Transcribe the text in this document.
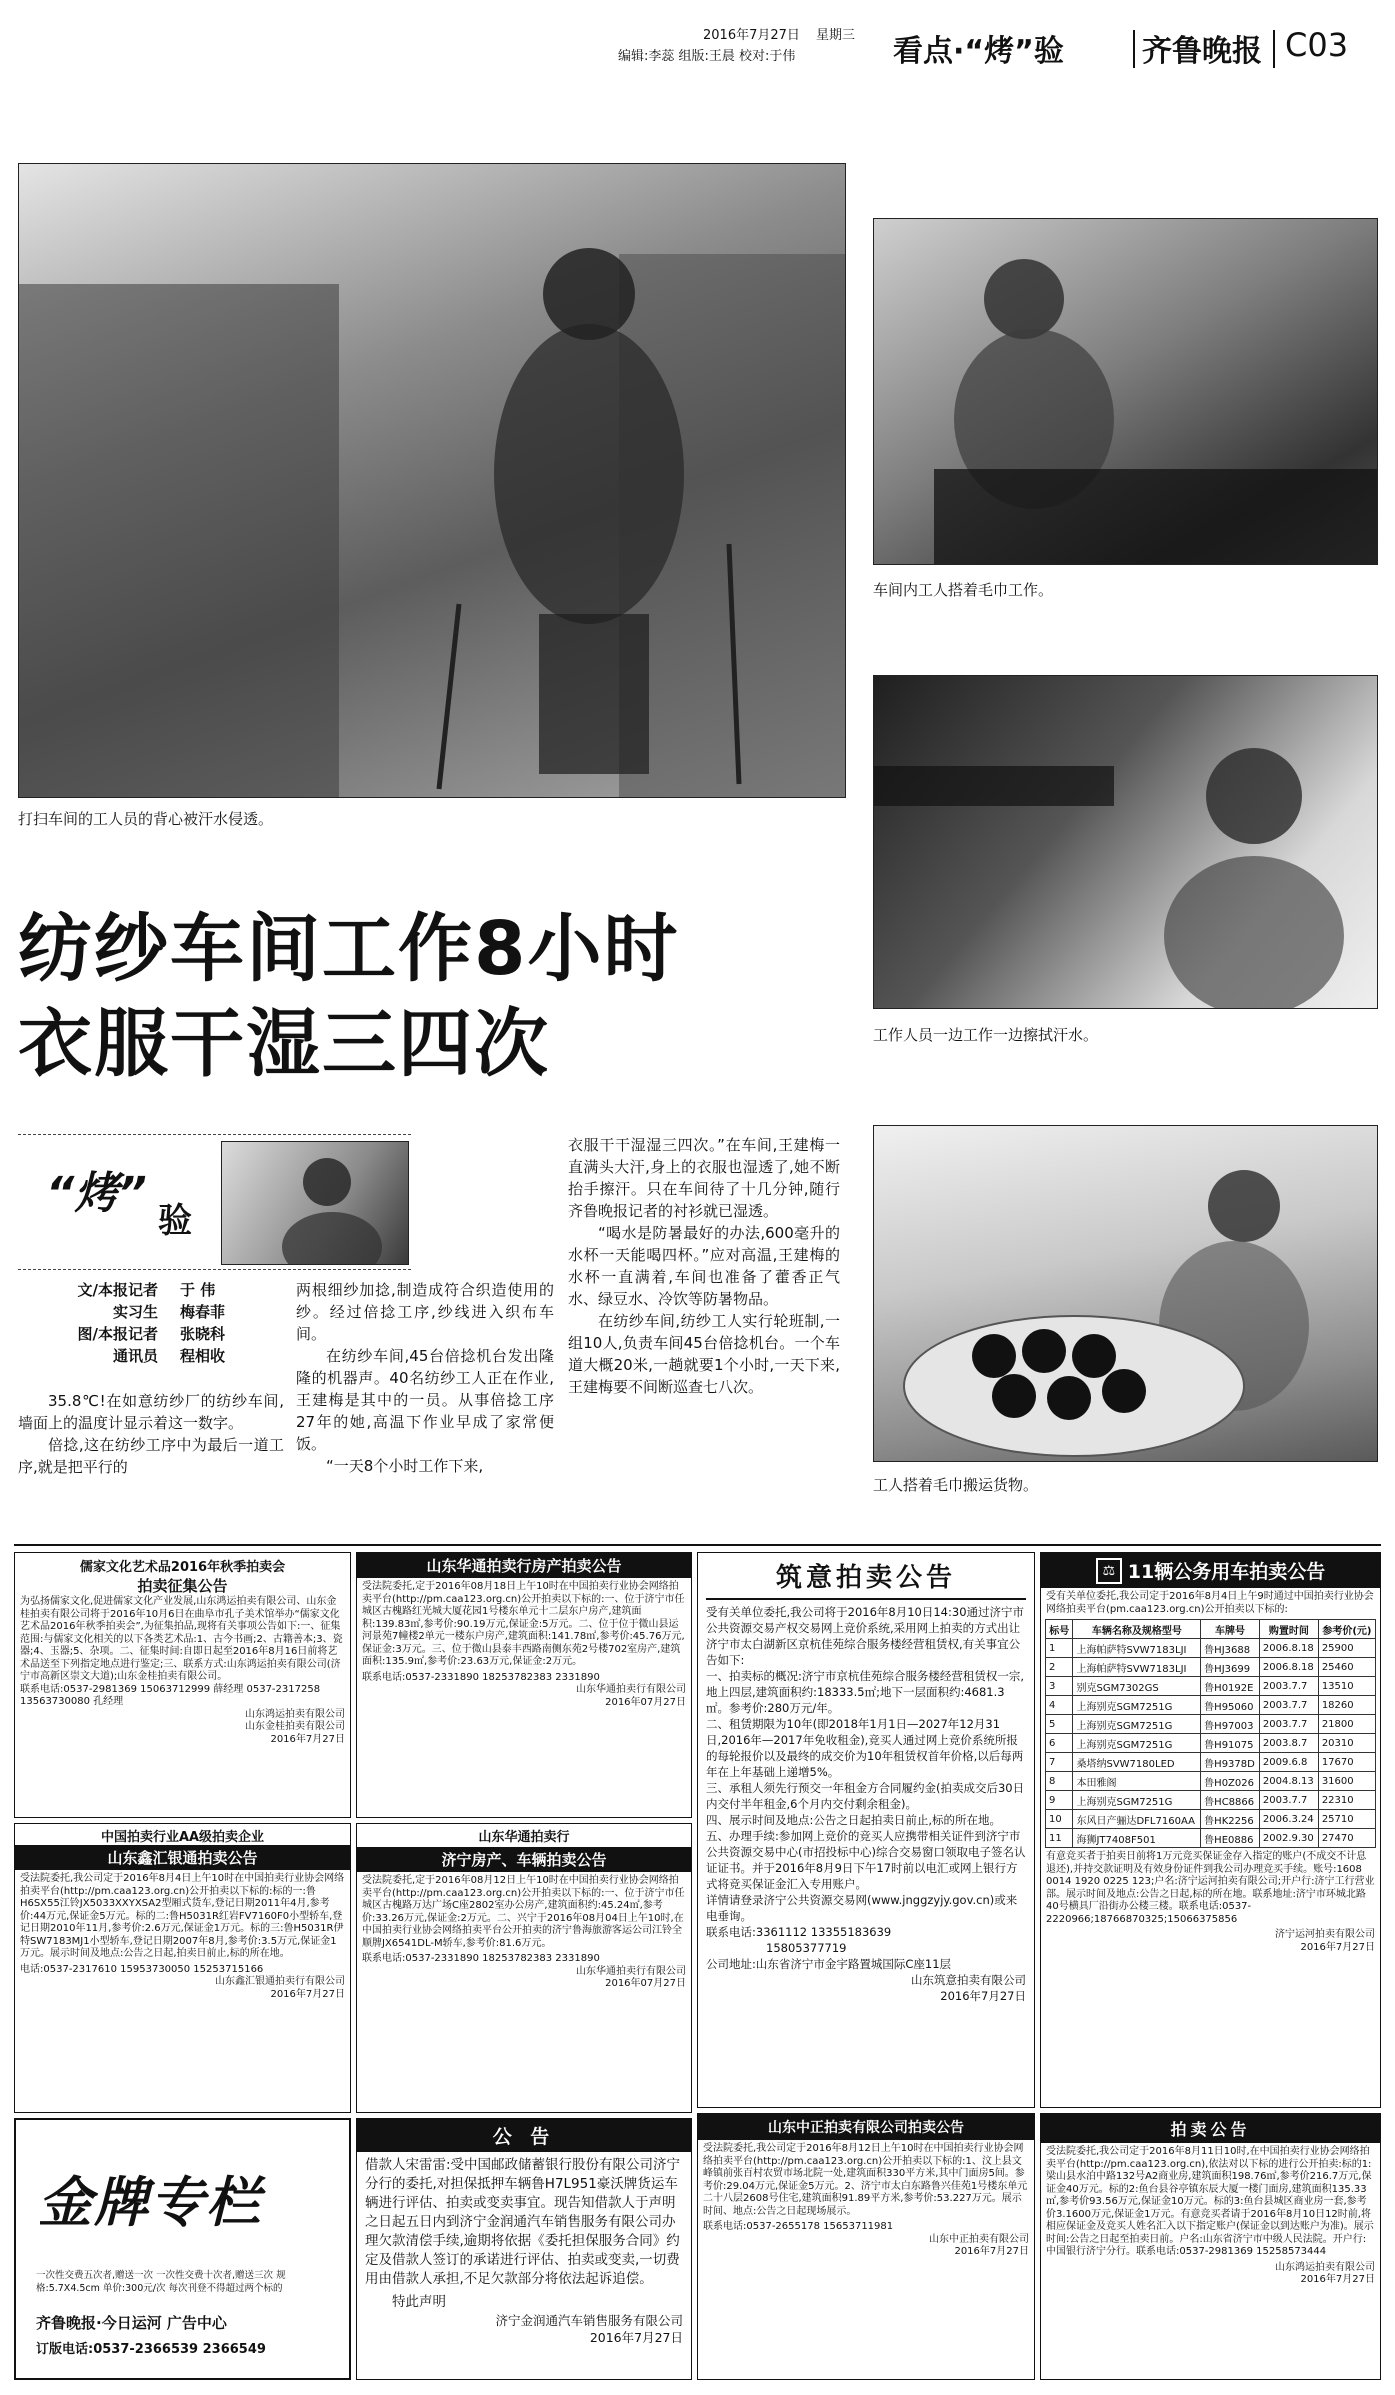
2016年7月27日 星期三
编辑:李蕊 组版:王晨 校对:于伟	看点·“烤”验	齐鲁晚报 C03
打扫车间的工人员的背心被汗水侵透。
车间内工人搭着毛巾工作。
工作人员一边工作一边擦拭汗水。
工人搭着毛巾搬运货物。
纺纱车间工作8小时
衣服干湿三四次
“烤”
验
文/本报记者 于 伟
实习生 梅春菲
图/本报记者 张晓科
通讯员 程相收

35.8℃!在如意纺纱厂的纺纱车间,墙面上的温度计显示着这一数字。

倍捻,这在纺纱工序中为最后一道工序,就是把平行的

两根细纱加捻,制造成符合织造使用的纱。经过倍捻工序,纱线进入织布车间。

在纺纱车间,45台倍捻机台发出隆隆的机器声。40名纺纱工人正在作业,王建梅是其中的一员。从事倍捻工序27年的她,高温下作业早成了家常便饭。

“一天8个小时工作下来,

衣服干干湿湿三四次。”在车间,王建梅一直满头大汗,身上的衣服也湿透了,她不断抬手擦汗。只在车间待了十几分钟,随行齐鲁晚报记者的衬衫就已湿透。

“喝水是防暑最好的办法,600毫升的水杯一天能喝四杯。”应对高温,王建梅的水杯一直满着,车间也准备了藿香正气水、绿豆水、冷饮等防暑物品。

在纺纱车间,纺纱工人实行轮班制,一组10人,负责车间45台倍捻机台。一个车道大概20米,一趟就要1个小时,一天下来,王建梅要不间断巡查七八次。

儒家文化艺术品2016年秋季拍卖会
拍卖征集公告
为弘扬儒家文化,促进儒家文化产业发展,山东鸿运拍卖有限公司、山东金桂拍卖有限公司将于2016年10月6日在曲阜市孔子美术馆举办“儒家文化艺术品2016年秋季拍卖会”,为征集拍品,现将有关事项公告如下:一、征集范围:与儒家文化相关的以下各类艺术品:1、古今书画;2、古籍善本;3、瓷器;4、玉器;5、杂项。二、征集时间:自即日起至2016年8月16日前将艺术品送至下列指定地点进行鉴定;三、联系方式:山东鸿运拍卖有限公司(济宁市高新区崇文大道);山东金桂拍卖有限公司。
联系电话:0537-2981369 15063712999 薛经理 0537-2317258 13563730080 孔经理
山东鸿运拍卖有限公司
山东金桂拍卖有限公司
2016年7月27日
山东华通拍卖行房产拍卖公告
受法院委托,定于2016年08月18日上午10时在中国拍卖行业协会网络拍卖平台(http://pm.caa123.org.cn)公开拍卖以下标的:一、位于济宁市任城区古槐路红光城大厦花园1号楼东单元十二层东户房产,建筑面积:139.83㎡,参考价:90.19万元,保证金:5万元。二、位于位于微山县运河景苑7幢楼2单元一楼东户房产,建筑面积:141.78㎡,参考价:45.76万元,保证金:3万元。三、位于微山县泰丰西路南侧东苑2号楼702室房产,建筑面积:135.9㎡,参考价:23.63万元,保证金:2万元。
联系电话:0537-2331890 18253782383 2331890
山东华通拍卖行有限公司
2016年07月27日
筑意拍卖公告
受有关单位委托,我公司将于2016年8月10日14:30通过济宁市公共资源交易产权交易网上竞价系统,采用网上拍卖的方式出让济宁市太白湖新区京杭佳苑综合服务楼经营租赁权,有关事宜公告如下:
一、拍卖标的概况:济宁市京杭佳苑综合服务楼经营租赁权一宗,地上四层,建筑面积约:18333.5㎡;地下一层面积约:4681.3㎡。参考价:280万元/年。
二、租赁期限为10年(即2018年1月1日—2027年12月31日,2016年—2017年免收租金),竞买人通过网上竞价系统所报的每轮报价以及最终的成交价为10年租赁权首年价格,以后每两年在上年基础上递增5%。
三、承租人须先行预交一年租金方合同履约金(拍卖成交后30日内交付半年租金,6个月内交付剩余租金)。
四、展示时间及地点:公告之日起拍卖日前止,标的所在地。
五、办理手续:参加网上竞价的竞买人应携带相关证件到济宁市公共资源交易中心(市招投标中心)综合交易窗口领取电子签名认证证书。并于2016年8月9日下午17时前以电汇或网上银行方式将竞买保证金汇入专用账户。
详情请登录济宁公共资源交易网(www.jnggzyjy.gov.cn)或来电垂询。
联系电话:3361112 13355183639
15805377719
公司地址:山东省济宁市金宇路置城国际C座11层
山东筑意拍卖有限公司
2016年7月27日
⚖ 11辆公务用车拍卖公告
受有关单位委托,我公司定于2016年8月4日上午9时通过中国拍卖行业协会网络拍卖平台(pm.caa123.org.cn)公开拍卖以下标的:
标号	车辆名称及规格型号	车牌号	购置时间	参考价(元)
1	上海帕萨特SVW7183LJI	鲁HJ3688	2006.8.18	25900
2	上海帕萨特SVW7183LJI	鲁HJ3699	2006.8.18	25460
3	别克SGM7302GS	鲁H0192E	2003.7.7	13510
4	上海别克SGM7251G	鲁H95060	2003.7.7	18260
5	上海别克SGM7251G	鲁H97003	2003.7.7	21800
6	上海别克SGM7251G	鲁H91075	2003.8.7	20310
7	桑塔纳SVW7180LED	鲁H9378D	2009.6.8	17670
8	本田雅阁	鲁H0Z026	2004.8.13	31600
9	上海别克SGM7251G	鲁HC8866	2003.7.7	22310
10	东风日产骊达DFL7160AA	鲁HK2256	2006.3.24	25710
11	海狮JT7408F501	鲁HE0886	2002.9.30	27470
有意竞买者于拍卖日前将1万元竞买保证金存入指定的账户(不成交不计息退还),并持交款证明及有效身份证件到我公司办理竞买手续。账号:1608 0014 1920 0225 123;户名:济宁运河拍卖有限公司;开户行:济宁工行营业部。展示时间及地点:公告之日起,标的所在地。联系地址:济宁市环城北路40号横具厂沿街办公楼三楼。联系电话:0537-2220966;18766870325;15066375856
济宁运河拍卖有限公司
2016年7月27日
中国拍卖行业AA级拍卖企业
山东鑫汇银通拍卖公告
受法院委托,我公司定于2016年8月4日上午10时在中国拍卖行业协会网络拍卖平台(http://pm.caa123.org.cn)公开拍卖以下标的:标的一:鲁H6SX55江铃JX5033XXYXSA2型厢式货车,登记日期2011年4月,参考价:44万元,保证金5万元。标的二:鲁H5031R红岩FV7160F0小型轿车,登记日期2010年11月,参考价:2.6万元,保证金1万元。标的三:鲁H5031R伊特SW7183MJ1小型轿车,登记日期2007年8月,参考价:3.5万元,保证金1万元。展示时间及地点:公告之日起,拍卖日前止,标的所在地。
电话:0537-2317610 15953730050 15253715166
山东鑫汇银通拍卖行有限公司
2016年7月27日
山东华通拍卖行
济宁房产、车辆拍卖公告
受法院委托,定于2016年08月12日上午10时在中国拍卖行业协会网络拍卖平台(http://pm.caa123.org.cn)公开拍卖以下标的:一、位于济宁市任城区古槐路万达广场C座2802室办公房产,建筑面积约:45.24㎡,参考价:33.26万元,保证金:2万元。二、兴宁于2016年08月04日上午10时,在中国拍卖行业协会网络拍卖平台公开拍卖的济宁鲁海旅游客运公司江铃全顺牌JX6541DL-M轿车,参考价:81.6万元。
联系电话:0537-2331890 18253782383 2331890
山东华通拍卖行有限公司
2016年07月27日
金牌专栏
一次性交费五次者,赠送一次 一次性交费十次者,赠送三次 规格:5.7X4.5cm 单价:300元/次 每次刊登不得超过两个标的
齐鲁晚报·今日运河 广告中心
订版电话:0537-2366539 2366549
公 告
借款人宋雷雷:受中国邮政储蓄银行股份有限公司济宁分行的委托,对担保抵押车辆鲁H7L951豪沃牌货运车辆进行评估、拍卖或变卖事宜。现告知借款人于声明之日起五日内到济宁金润通汽车销售服务有限公司办理欠款清偿手续,逾期将依据《委托担保服务合同》约定及借款人签订的承诺进行评估、拍卖或变卖,一切费用由借款人承担,不足欠款部分将依法起诉追偿。
特此声明
济宁金润通汽车销售服务有限公司
2016年7月27日
山东中正拍卖有限公司拍卖公告
受法院委托,我公司定于2016年8月12日上午10时在中国拍卖行业协会网络拍卖平台(http://pm.caa123.org.cn)公开拍卖以下标的:1、汶上县文峰镇前张百村农贸市场北院一处,建筑面积330平方米,其中门面房5间。参考价:29.04万元,保证金5万元。2、济宁市太白东路鲁兴佳苑1号楼东单元二十八层2608号住宅,建筑面积91.89平方米,参考价:53.227万元。展示时间、地点:公告之日起现场展示。
联系电话:0537-2655178 15653711981
山东中正拍卖有限公司
2016年7月27日
拍卖公告
受法院委托,我公司定于2016年8月11日10时,在中国拍卖行业协会网络拍卖平台(http://pm.caa123.org.cn),依法对以下标的进行公开拍卖:标的1:梁山县水泊中路132号A2商业房,建筑面积198.76㎡,参考价216.7万元,保证金40万元。标的2:鱼台县谷亭镇东辰大厦一楼门面房,建筑面积135.33㎡,参考价93.56万元,保证金10万元。标的3:鱼台县城区商业房一套,参考价3.1600万元,保证金1万元。有意竞买者请于2016年8月10日12时前,将相应保证金及竞买人姓名汇入以下指定账户(保证金以到达账户为准)。展示时间:公告之日起至拍卖日前。户名:山东省济宁市中级人民法院。开户行:中国银行济宁分行。联系电话:0537-2981369 15258573444
山东鸿运拍卖有限公司
2016年7月27日
